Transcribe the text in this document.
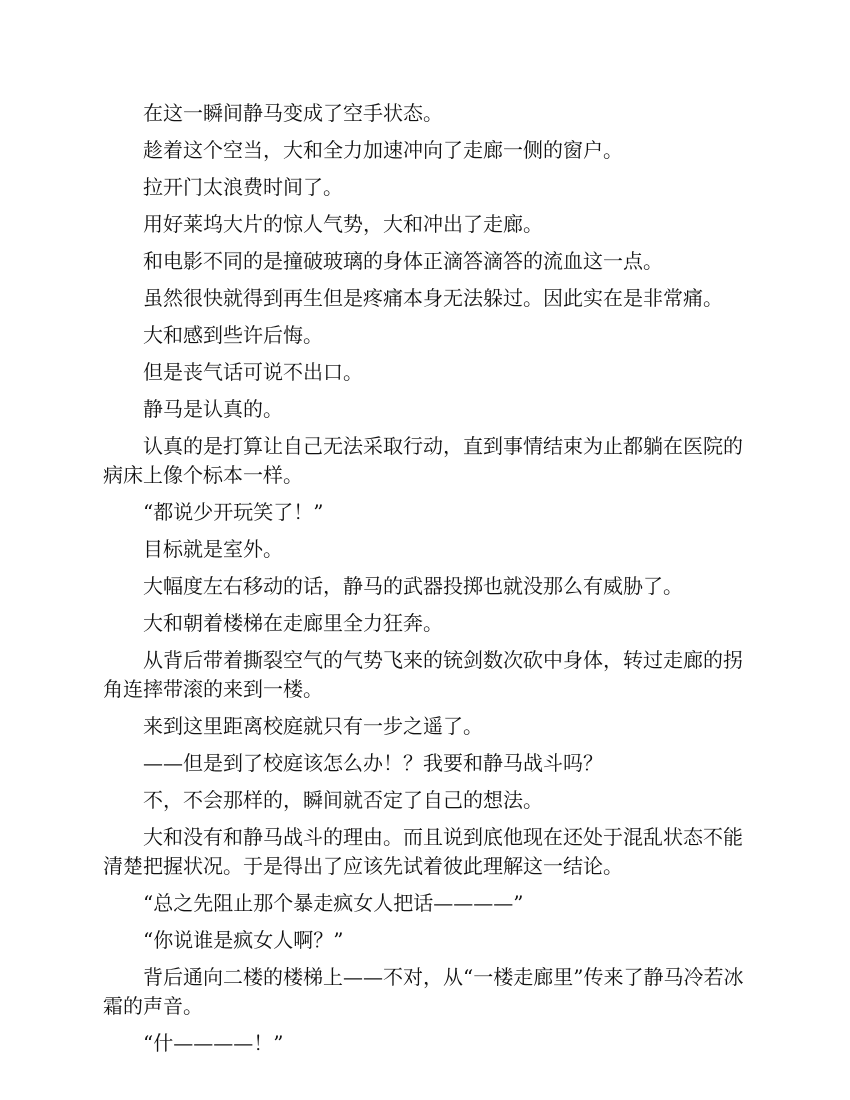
在这一瞬间静马变成了空手状态。

趁着这个空当，大和全力加速冲向了走廊一侧的窗户。

拉开门太浪费时间了。

用好莱坞大片的惊人气势，大和冲出了走廊。

和电影不同的是撞破玻璃的身体正滴答滴答的流血这一点。

虽然很快就得到再生但是疼痛本身无法躲过。因此实在是非常痛。

大和感到些许后悔。

但是丧气话可说不出口。

静马是认真的。

认真的是打算让自己无法采取行动，直到事情结束为止都躺在医院的病床上像个标本一样。

“都说少开玩笑了！”

目标就是室外。

大幅度左右移动的话，静马的武器投掷也就没那么有威胁了。

大和朝着楼梯在走廊里全力狂奔。

从背后带着撕裂空气的气势飞来的铳剑数次砍中身体，转过走廊的拐角连摔带滚的来到一楼。

来到这里距离校庭就只有一步之遥了。

——但是到了校庭该怎么办！？我要和静马战斗吗？

不，不会那样的，瞬间就否定了自己的想法。

大和没有和静马战斗的理由。而且说到底他现在还处于混乱状态不能清楚把握状况。于是得出了应该先试着彼此理解这一结论。

“总之先阻止那个暴走疯女人把话————”

“你说谁是疯女人啊？”

背后通向二楼的楼梯上——不对，从“一楼走廊里”传来了静马冷若冰霜的声音。

“什————！”
